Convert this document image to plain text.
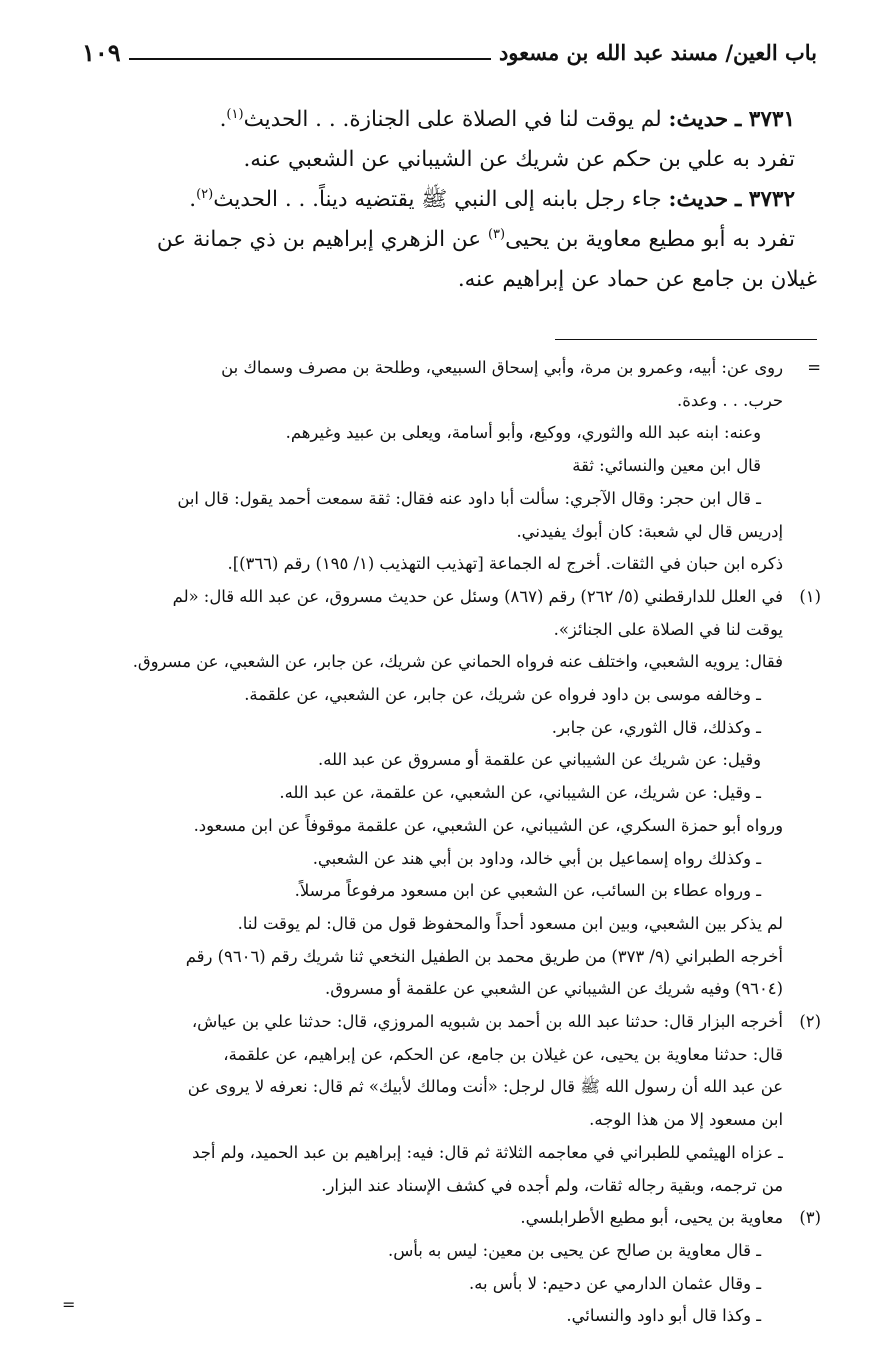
باب العين/ مسند عبد الله بن مسعود
١٠٩

٣٧٣١ ـ حديث: لم يوقت لنا في الصلاة على الجنازة. . . الحديث$^{(١)}$.

تفرد به علي بن حكم عن شريك عن الشيباني عن الشعبي عنه.

٣٧٣٢ ـ حديث: جاء رجل بابنه إلى النبي ﷺ يقتضيه ديناً. . . الحديث$^{(٢)}$.

تفرد به أبو مطيع معاوية بن يحيى$^{(٣)}$ عن الزهري إبراهيم بن ذي جمانة عن

غيلان بن جامع عن حماد عن إبراهيم عنه.

=

روى عن: أبيه، وعمرو بن مرة، وأبي إسحاق السبيعي، وطلحة بن مصرف وسماك بن

حرب. . . وعدة.

وعنه: ابنه عبد الله والثوري، ووكيع، وأبو أسامة، ويعلى بن عبيد وغيرهم.

قال ابن معين والنسائي: ثقة

ـ قال ابن حجر: وقال الآجري: سألت أبا داود عنه فقال: ثقة سمعت أحمد يقول: قال ابن

إدريس قال لي شعبة: كان أبوك يفيدني.

ذكره ابن حبان في الثقات. أخرج له الجماعة [تهذيب التهذيب (١/ ١٩٥) رقم (٣٦٦)].

(١)

في العلل للدارقطني (٥/ ٢٦٢) رقم (٨٦٧) وسئل عن حديث مسروق، عن عبد الله قال: «لم

يوقت لنا في الصلاة على الجنائز».

فقال: يرويه الشعبي، واختلف عنه فرواه الحماني عن شريك، عن جابر، عن الشعبي، عن مسروق.

ـ وخالفه موسى بن داود فرواه عن شريك، عن جابر، عن الشعبي، عن علقمة.

ـ وكذلك، قال الثوري، عن جابر.

وقيل: عن شريك عن الشيباني عن علقمة أو مسروق عن عبد الله.

ـ وقيل: عن شريك، عن الشيباني، عن الشعبي، عن علقمة، عن عبد الله.

ورواه أبو حمزة السكري، عن الشيباني، عن الشعبي، عن علقمة موقوفاً عن ابن مسعود.

ـ وكذلك رواه إسماعيل بن أبي خالد، وداود بن أبي هند عن الشعبي.

ـ ورواه عطاء بن السائب، عن الشعبي عن ابن مسعود مرفوعاً مرسلاً.

لم يذكر بين الشعبي، وبين ابن مسعود أحداً والمحفوظ قول من قال: لم يوقت لنا.

أخرجه الطبراني (٩/ ٣٧٣) من طريق محمد بن الطفيل النخعي ثنا شريك رقم (٩٦٠٦) رقم

(٩٦٠٤) وفيه شريك عن الشيباني عن الشعبي عن علقمة أو مسروق.

(٢)

أخرجه البزار قال: حدثنا عبد الله بن أحمد بن شبويه المروزي، قال: حدثنا علي بن عياش،

قال: حدثنا معاوية بن يحيى، عن غيلان بن جامع، عن الحكم، عن إبراهيم، عن علقمة،

عن عبد الله أن رسول الله ﷺ قال لرجل: «أنت ومالك لأبيك» ثم قال: نعرفه لا يروى عن

ابن مسعود إلا من هذا الوجه.

ـ عزاه الهيثمي للطبراني في معاجمه الثلاثة ثم قال: فيه: إبراهيم بن عبد الحميد، ولم أجد

من ترجمه، وبقية رجاله ثقات، ولم أجده في كشف الإسناد عند البزار.

(٣)

معاوية بن يحيى، أبو مطيع الأطرابلسي.

ـ قال معاوية بن صالح عن يحيى بن معين: ليس به بأس.

ـ وقال عثمان الدارمي عن دحيم: لا بأس به.

ـ وكذا قال أبو داود والنسائي.

=
